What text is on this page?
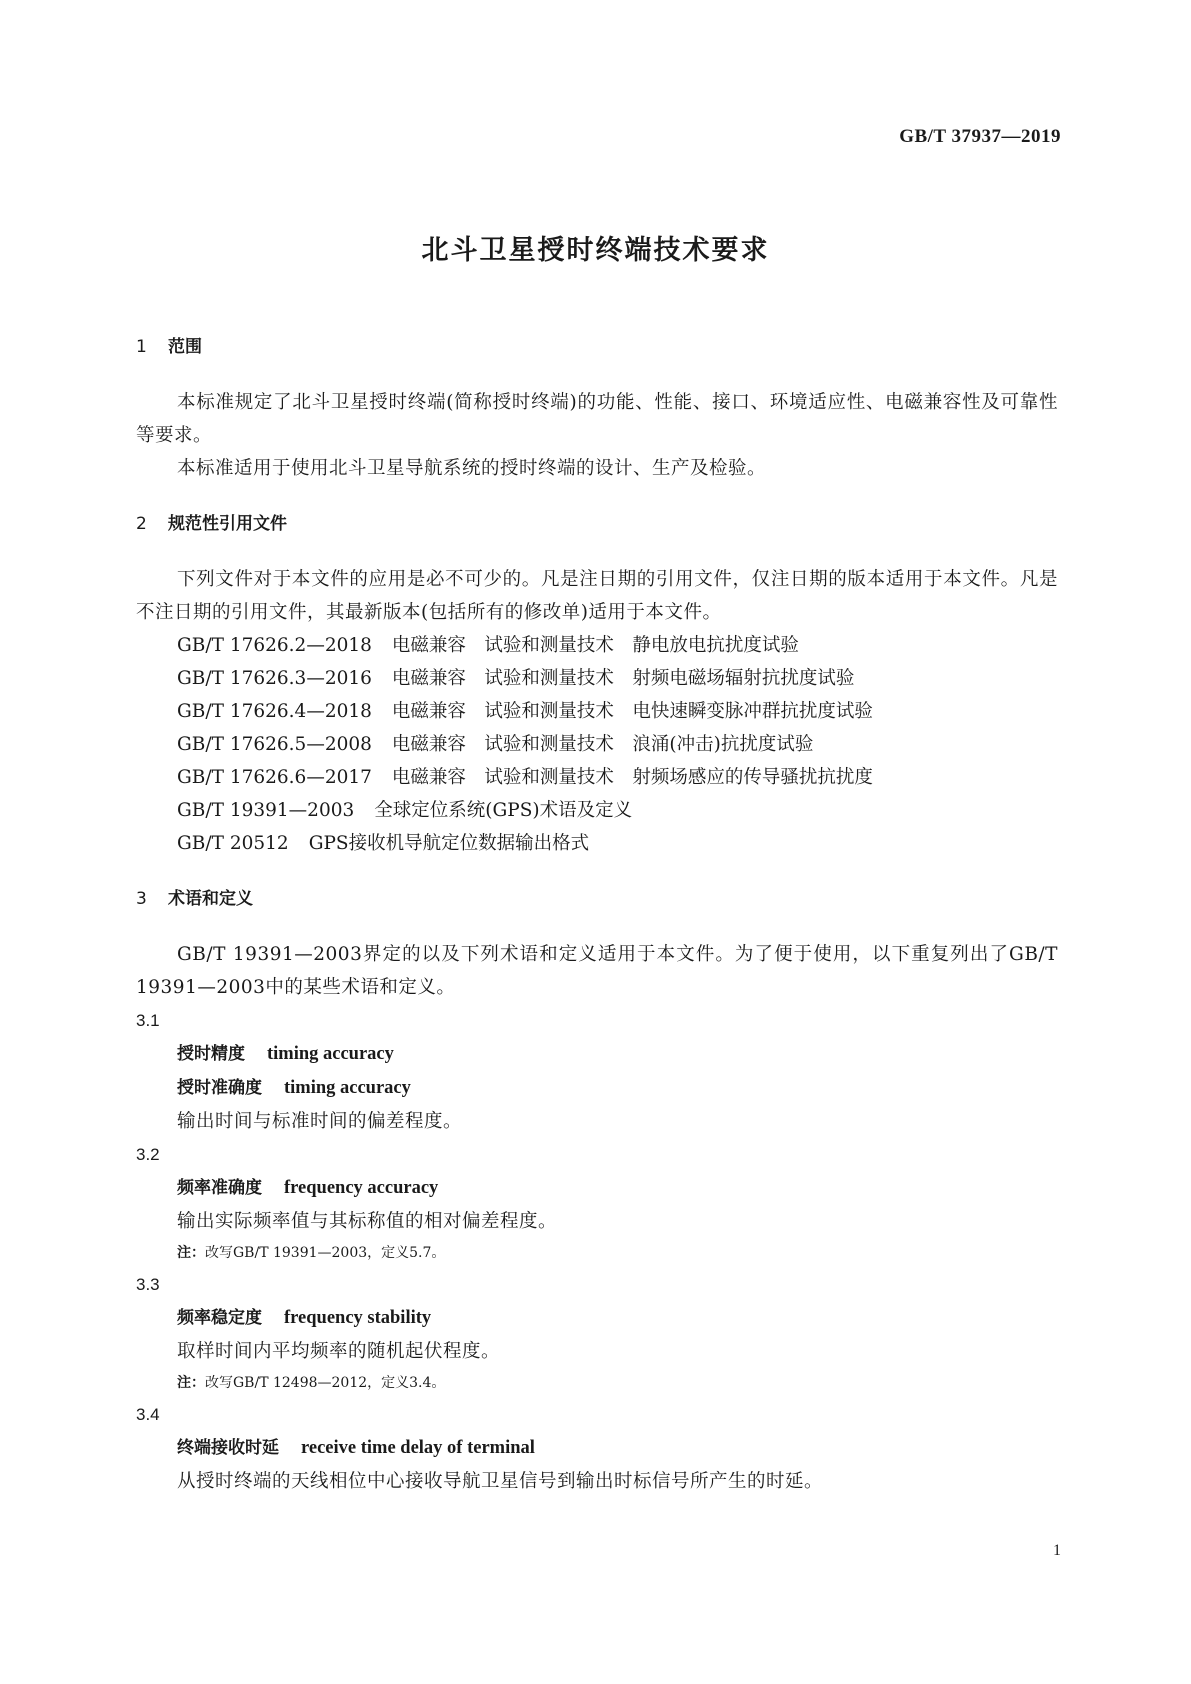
GB/T 37937—2019
北斗卫星授时终端技术要求
1 范围
本标准规定了北斗卫星授时终端(简称授时终端)的功能、性能、接口、环境适应性、电磁兼容性及可靠性等要求。
本标准适用于使用北斗卫星导航系统的授时终端的设计、生产及检验。
2 规范性引用文件
下列文件对于本文件的应用是必不可少的。凡是注日期的引用文件，仅注日期的版本适用于本文件。凡是不注日期的引用文件，其最新版本(包括所有的修改单)适用于本文件。
GB/T 17626.2—2018 电磁兼容　试验和测量技术　静电放电抗扰度试验
GB/T 17626.3—2016 电磁兼容　试验和测量技术　射频电磁场辐射抗扰度试验
GB/T 17626.4—2018 电磁兼容　试验和测量技术　电快速瞬变脉冲群抗扰度试验
GB/T 17626.5—2008 电磁兼容　试验和测量技术　浪涌(冲击)抗扰度试验
GB/T 17626.6—2017 电磁兼容　试验和测量技术　射频场感应的传导骚扰抗扰度
GB/T 19391—2003 全球定位系统(GPS)术语及定义
GB/T 20512 GPS接收机导航定位数据输出格式
3 术语和定义
GB/T 19391—2003界定的以及下列术语和定义适用于本文件。为了便于使用，以下重复列出了GB/T 19391—2003中的某些术语和定义。
3.1
授时精度 timing accuracy
授时准确度 timing accuracy
输出时间与标准时间的偏差程度。
3.2
频率准确度 frequency accuracy
输出实际频率值与其标称值的相对偏差程度。
注：改写GB/T 19391—2003，定义5.7。
3.3
频率稳定度 frequency stability
取样时间内平均频率的随机起伏程度。
注：改写GB/T 12498—2012，定义3.4。
3.4
终端接收时延 receive time delay of terminal
从授时终端的天线相位中心接收导航卫星信号到输出时标信号所产生的时延。
1
